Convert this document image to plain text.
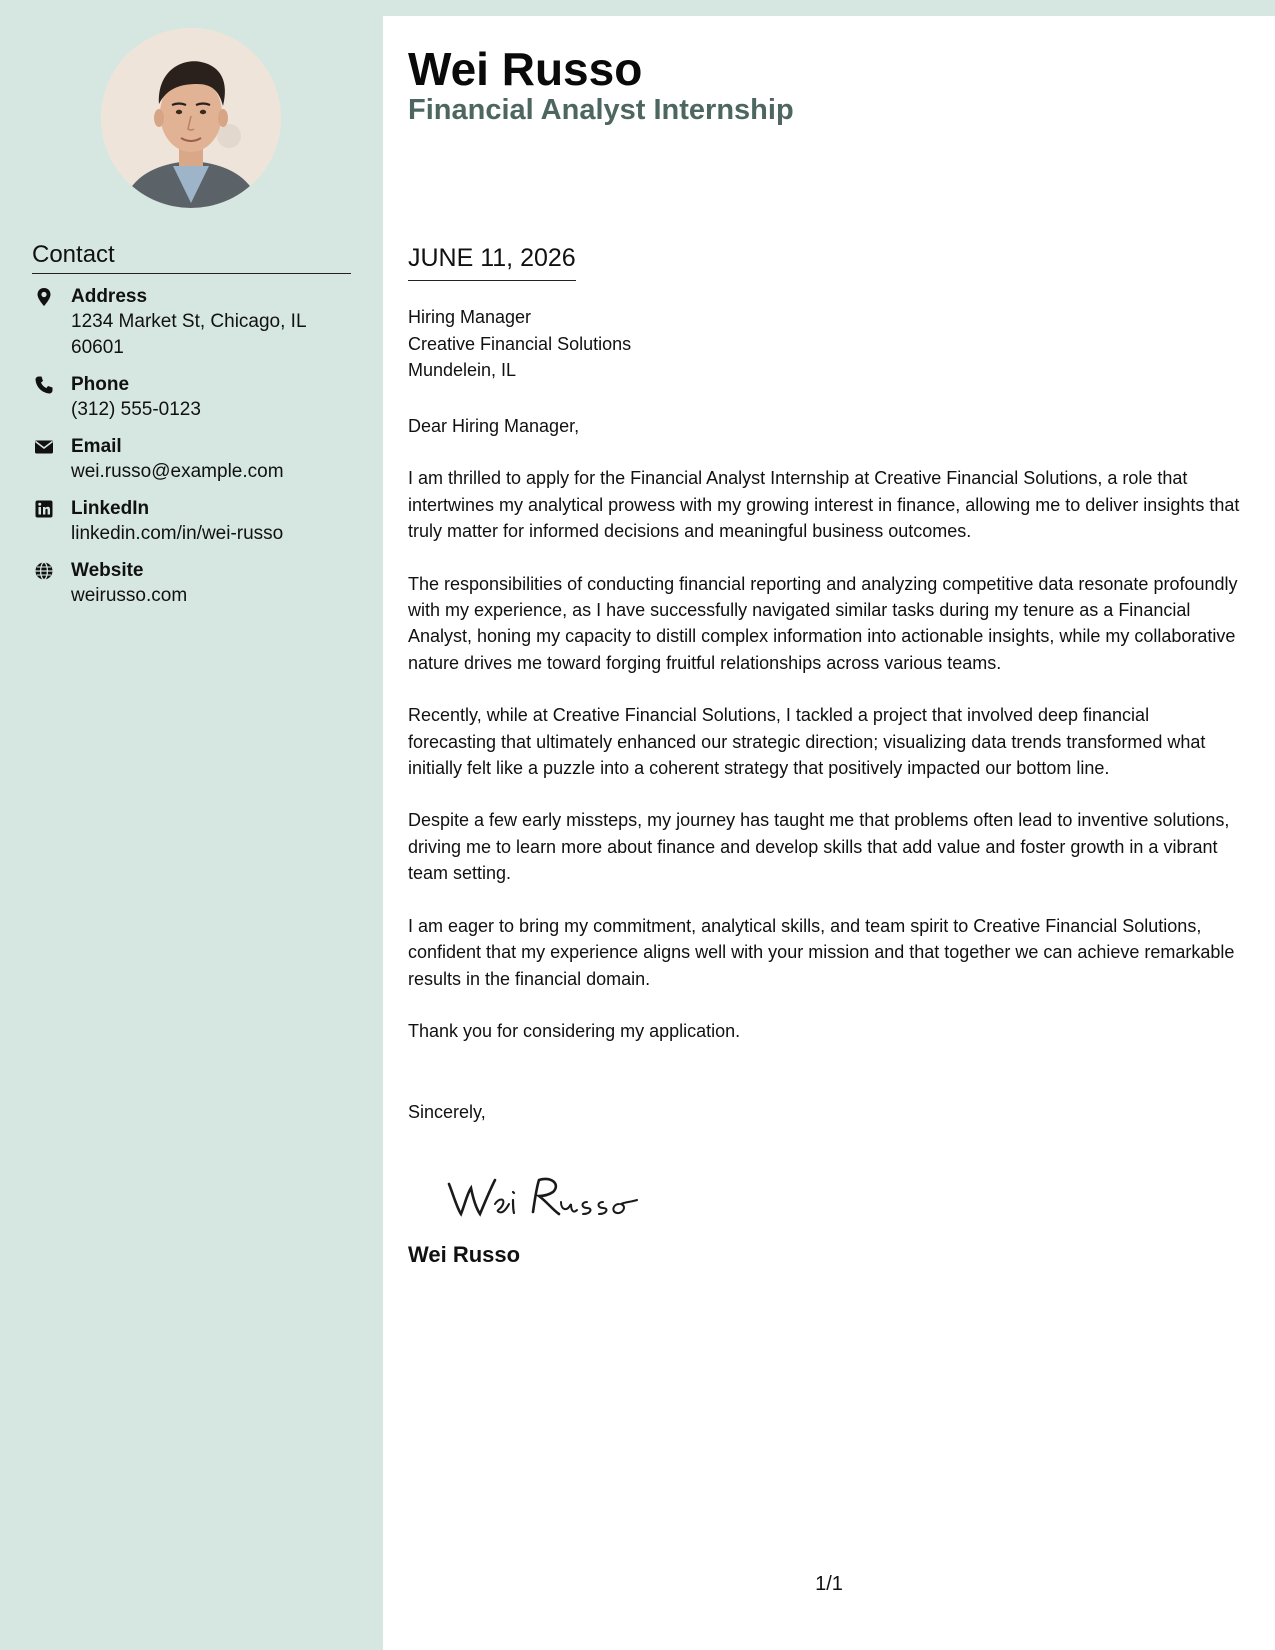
Contact
Address
1234 Market St, Chicago, IL 60601
Phone
(312) 555-0123
Email
wei.russo@example.com
LinkedIn
linkedin.com/in/wei-russo
Website
weirusso.com
Wei Russo
Financial Analyst Internship
JUNE 11, 2026
Hiring Manager
Creative Financial Solutions
Mundelein, IL

Dear Hiring Manager,

I am thrilled to apply for the Financial Analyst Internship at Creative Financial Solutions, a role that intertwines my analytical prowess with my growing interest in finance, allowing me to deliver insights that truly matter for informed decisions and meaningful business outcomes.

The responsibilities of conducting financial reporting and analyzing competitive data resonate profoundly with my experience, as I have successfully navigated similar tasks during my tenure as a Financial Analyst, honing my capacity to distill complex information into actionable insights, while my collaborative nature drives me toward forging fruitful relationships across various teams.

Recently, while at Creative Financial Solutions, I tackled a project that involved deep financial forecasting that ultimately enhanced our strategic direction; visualizing data trends transformed what initially felt like a puzzle into a coherent strategy that positively impacted our bottom line.

Despite a few early missteps, my journey has taught me that problems often lead to inventive solutions, driving me to learn more about finance and develop skills that add value and foster growth in a vibrant team setting.

I am eager to bring my commitment, analytical skills, and team spirit to Creative Financial Solutions, confident that my experience aligns well with your mission and that together we can achieve remarkable results in the financial domain.

Thank you for considering my application.

Sincerely,
Wei Russo
1/1
